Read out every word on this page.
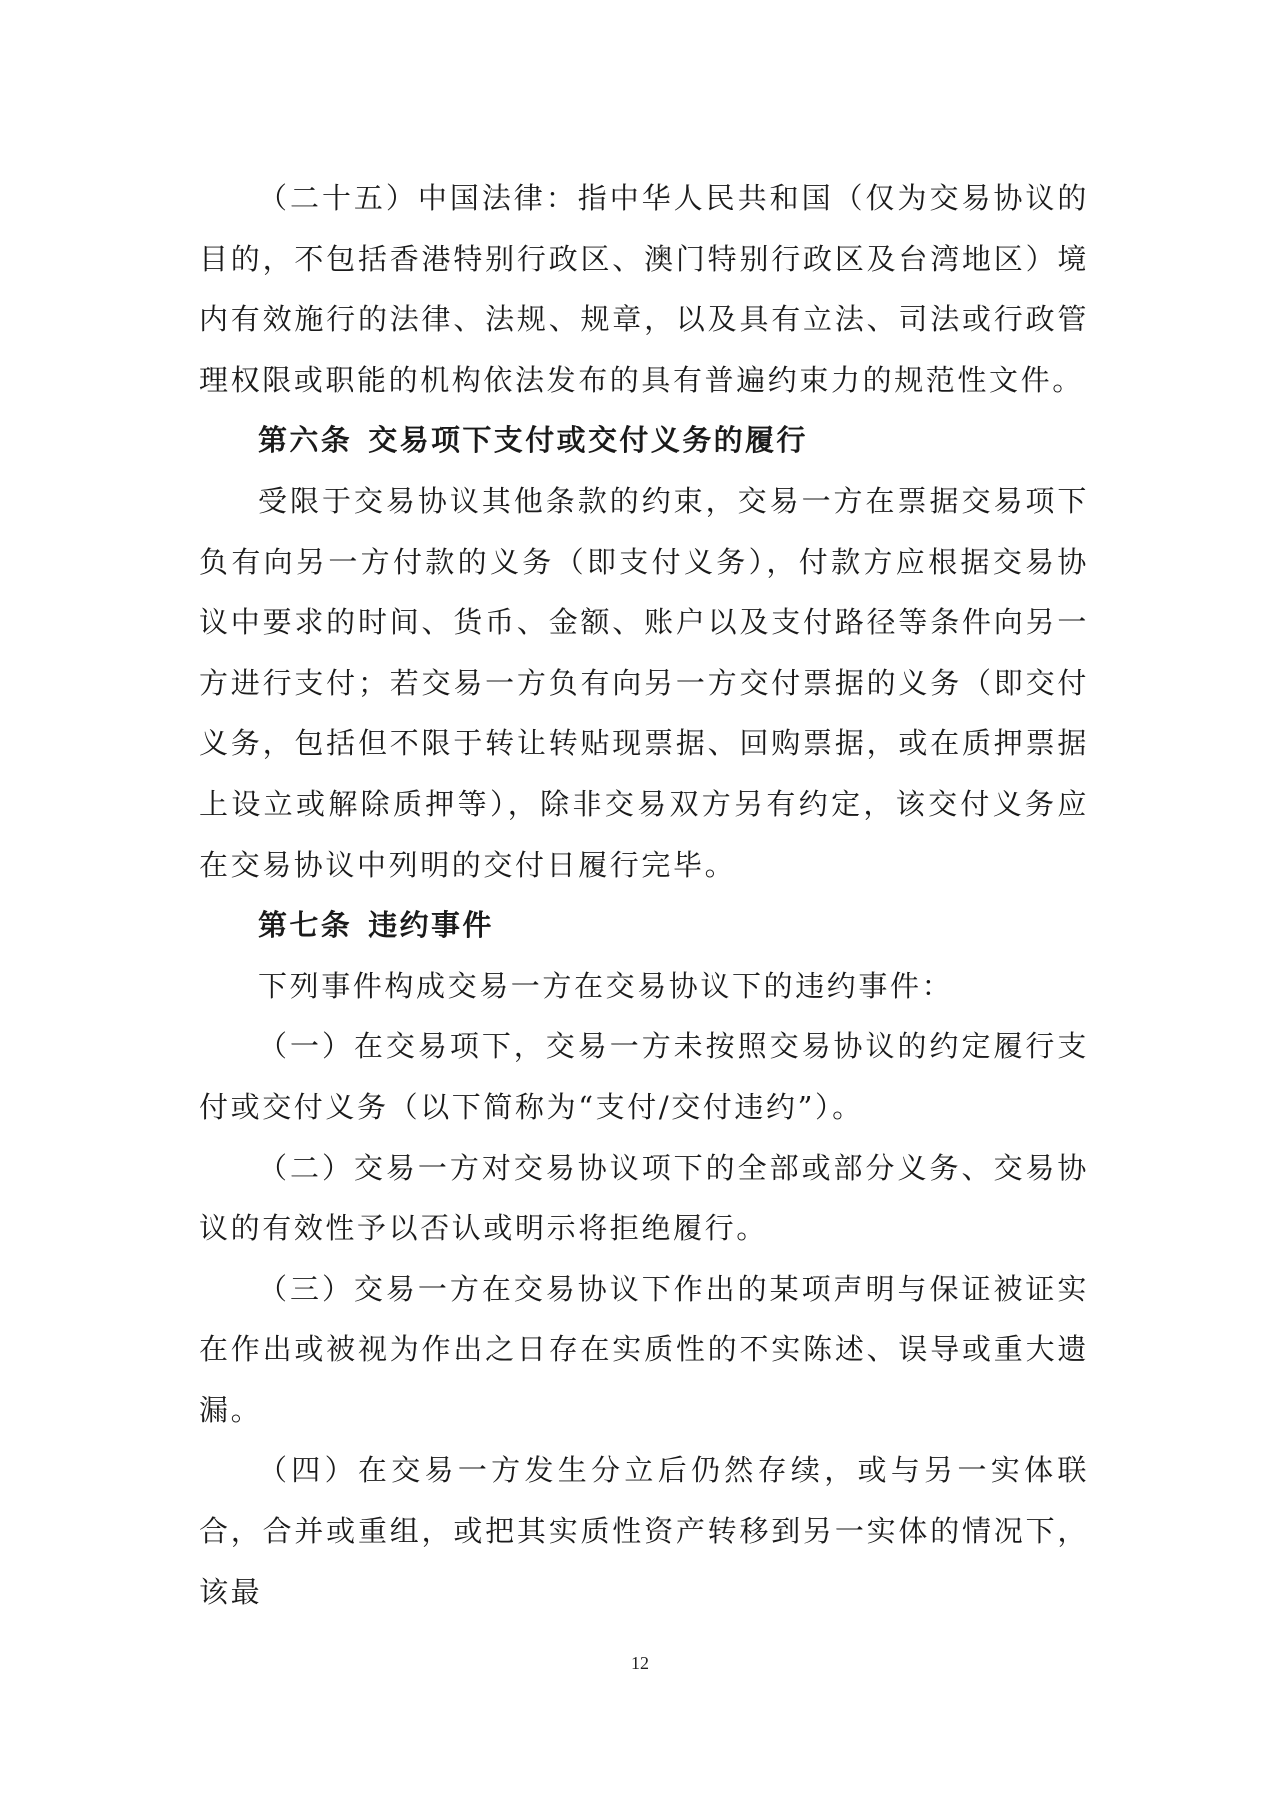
（二十五）中国法律：指中华人民共和国（仅为交易协议的目的，不包括香港特别行政区、澳门特别行政区及台湾地区）境内有效施行的法律、法规、规章，以及具有立法、司法或行政管理权限或职能的机构依法发布的具有普遍约束力的规范性文件。

第六条 交易项下支付或交付义务的履行

受限于交易协议其他条款的约束，交易一方在票据交易项下负有向另一方付款的义务（即支付义务），付款方应根据交易协议中要求的时间、货币、金额、账户以及支付路径等条件向另一方进行支付；若交易一方负有向另一方交付票据的义务（即交付义务，包括但不限于转让转贴现票据、回购票据，或在质押票据上设立或解除质押等），除非交易双方另有约定，该交付义务应在交易协议中列明的交付日履行完毕。

第七条 违约事件

下列事件构成交易一方在交易协议下的违约事件：

（一）在交易项下，交易一方未按照交易协议的约定履行支付或交付义务（以下简称为“支付/交付违约”）。

（二）交易一方对交易协议项下的全部或部分义务、交易协议的有效性予以否认或明示将拒绝履行。

（三）交易一方在交易协议下作出的某项声明与保证被证实在作出或被视为作出之日存在实质性的不实陈述、误导或重大遗漏。

（四）在交易一方发生分立后仍然存续，或与另一实体联合，合并或重组，或把其实质性资产转移到另一实体的情况下，该最

12
